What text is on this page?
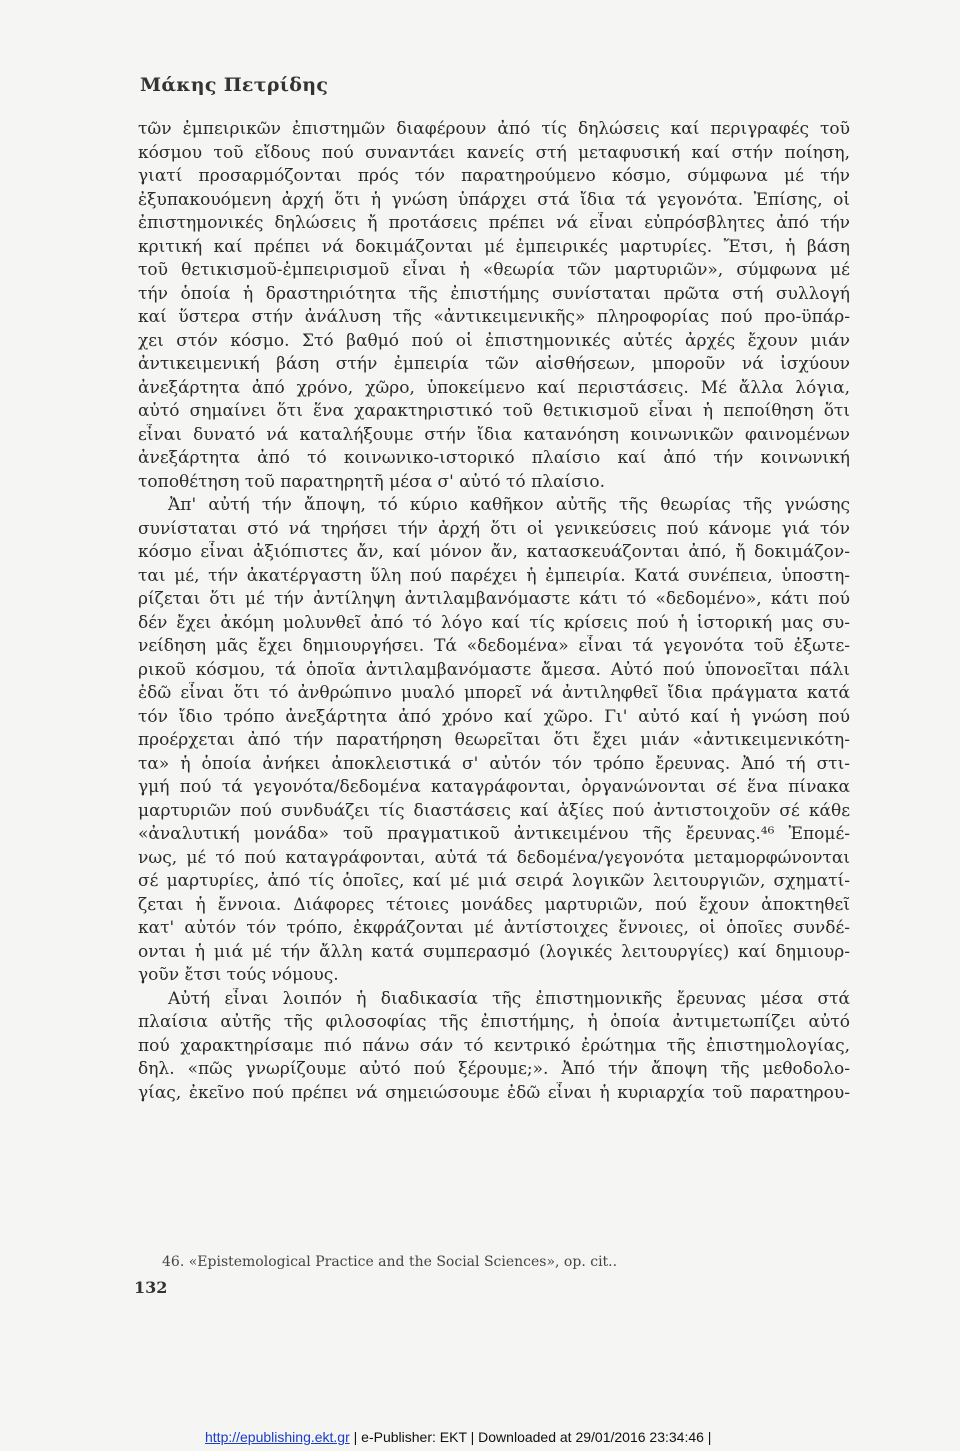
Μάκης Πετρίδης
τῶν ἐμπειρικῶν ἐπιστημῶν διαφέρουν ἀπό τίς δηλώσεις καί περιγραφές τοῦ
κόσμου τοῦ εἴδους πού συναντάει κανείς στή μεταφυσική καί στήν ποίηση,
γιατί προσαρμόζονται πρός τόν παρατηρούμενο κόσμο, σύμφωνα μέ τήν
ἐξυπακουόμενη ἀρχή ὅτι ἡ γνώση ὑπάρχει στά ἴδια τά γεγονότα. Ἐπίσης, οἱ
ἐπιστημονικές δηλώσεις ἤ προτάσεις πρέπει νά εἶναι εὐπρόσβλητες ἀπό τήν
κριτική καί πρέπει νά δοκιμάζονται μέ ἐμπειρικές μαρτυρίες. Ἔτσι, ἡ βάση
τοῦ θετικισμοῦ-ἐμπειρισμοῦ εἶναι ἡ «θεωρία τῶν μαρτυριῶν», σύμφωνα μέ
τήν ὁποία ἡ δραστηριότητα τῆς ἐπιστήμης συνίσταται πρῶτα στή συλλογή
καί ὕστερα στήν ἀνάλυση τῆς «ἀντικειμενικῆς» πληροφορίας πού προ-ϋπάρ-
χει στόν κόσμο. Στό βαθμό πού οἱ ἐπιστημονικές αὐτές ἀρχές ἔχουν μιάν
ἀντικειμενική βάση στήν ἐμπειρία τῶν αἰσθήσεων, μποροῦν νά ἰσχύουν
ἀνεξάρτητα ἀπό χρόνο, χῶρο, ὑποκείμενο καί περιστάσεις. Μέ ἄλλα λόγια,
αὐτό σημαίνει ὅτι ἕνα χαρακτηριστικό τοῦ θετικισμοῦ εἶναι ἡ πεποίθηση ὅτι
εἶναι δυνατό νά καταλήξουμε στήν ἴδια κατανόηση κοινωνικῶν φαινομένων
ἀνεξάρτητα ἀπό τό κοινωνικο-ιστορικό πλαίσιο καί ἀπό τήν κοινωνική
τοποθέτηση τοῦ παρατηρητῆ μέσα σ' αὐτό τό πλαίσιο.
Ἀπ' αὐτή τήν ἄποψη, τό κύριο καθῆκον αὐτῆς τῆς θεωρίας τῆς γνώσης
συνίσταται στό νά τηρήσει τήν ἀρχή ὅτι οἱ γενικεύσεις πού κάνομε γιά τόν
κόσμο εἶναι ἀξιόπιστες ἄν, καί μόνον ἄν, κατασκευάζονται ἀπό, ἤ δοκιμάζον-
ται μέ, τήν ἀκατέργαστη ὕλη πού παρέχει ἡ ἐμπειρία. Κατά συνέπεια, ὑποστη-
ρίζεται ὅτι μέ τήν ἀντίληψη ἀντιλαμβανόμαστε κάτι τό «δεδομένο», κάτι πού
δέν ἔχει ἀκόμη μολυνθεῖ ἀπό τό λόγο καί τίς κρίσεις πού ἡ ἱστορική μας συ-
νείδηση μᾶς ἔχει δημιουργήσει. Τά «δεδομένα» εἶναι τά γεγονότα τοῦ ἐξωτε-
ρικοῦ κόσμου, τά ὁποῖα ἀντιλαμβανόμαστε ἄμεσα. Αὐτό πού ὑπονοεῖται πάλι
ἐδῶ εἶναι ὅτι τό ἀνθρώπινο μυαλό μπορεῖ νά ἀντιληφθεῖ ἴδια πράγματα κατά
τόν ἴδιο τρόπο ἀνεξάρτητα ἀπό χρόνο καί χῶρο. Γι' αὐτό καί ἡ γνώση πού
προέρχεται ἀπό τήν παρατήρηση θεωρεῖται ὅτι ἔχει μιάν «ἀντικειμενικότη-
τα» ἡ ὁποία ἀνήκει ἀποκλειστικά σ' αὐτόν τόν τρόπο ἔρευνας. Ἀπό τή στι-
γμή πού τά γεγονότα/δεδομένα καταγράφονται, ὀργανώνονται σέ ἕνα πίνακα
μαρτυριῶν πού συνδυάζει τίς διαστάσεις καί ἀξίες πού ἀντιστοιχοῦν σέ κάθε
«ἀναλυτική μονάδα» τοῦ πραγματικοῦ ἀντικειμένου τῆς ἔρευνας.⁴⁶ Ἐπομέ-
νως, μέ τό πού καταγράφονται, αὐτά τά δεδομένα/γεγονότα μεταμορφώνονται
σέ μαρτυρίες, ἀπό τίς ὁποῖες, καί μέ μιά σειρά λογικῶν λειτουργιῶν, σχηματί-
ζεται ἡ ἔννοια. Διάφορες τέτοιες μονάδες μαρτυριῶν, πού ἔχουν ἀποκτηθεῖ
κατ' αὐτόν τόν τρόπο, ἐκφράζονται μέ ἀντίστοιχες ἔννοιες, οἱ ὁποῖες συνδέ-
ονται ἡ μιά μέ τήν ἄλλη κατά συμπερασμό (λογικές λειτουργίες) καί δημιουρ-
γοῦν ἔτσι τούς νόμους.
Αὐτή εἶναι λοιπόν ἡ διαδικασία τῆς ἐπιστημονικῆς ἔρευνας μέσα στά
πλαίσια αὐτῆς τῆς φιλοσοφίας τῆς ἐπιστήμης, ἡ ὁποία ἀντιμετωπίζει αὐτό
πού χαρακτηρίσαμε πιό πάνω σάν τό κεντρικό ἐρώτημα τῆς ἐπιστημολογίας,
δηλ. «πῶς γνωρίζουμε αὐτό πού ξέρουμε;». Ἀπό τήν ἄποψη τῆς μεθοδολο-
γίας, ἐκεῖνο πού πρέπει νά σημειώσουμε ἐδῶ εἶναι ἡ κυριαρχία τοῦ παρατηρου-
46. «Epistemological Practice and the Social Sciences», op. cit..
132
http://epublishing.ekt.gr | e-Publisher: EKT | Downloaded at 29/01/2016 23:34:46 |
